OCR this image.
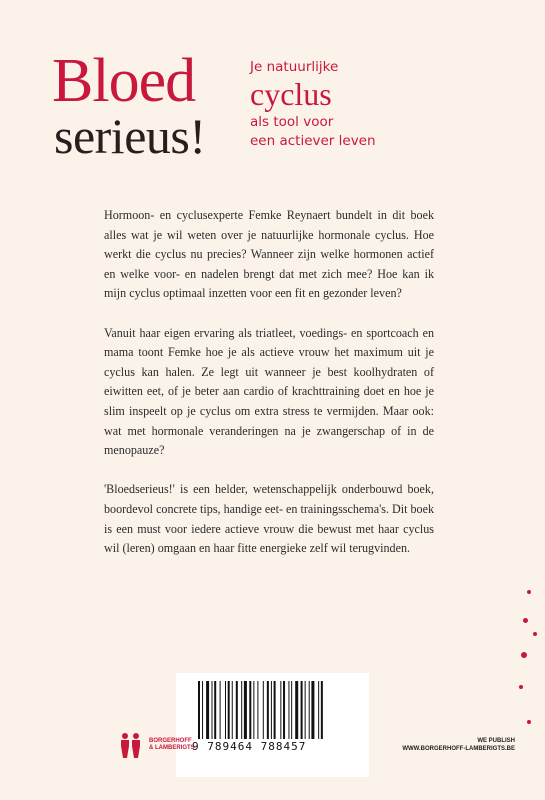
Bloed
serieus!
Je natuurlijke
cyclus
als tool voor
een actiever leven

Hormoon- en cyclusexperte Femke Reynaert bundelt in dit boek alles wat je wil weten over je natuurlijke hormonale cyclus. Hoe werkt die cyclus nu precies? Wanneer zijn welke hormonen actief en welke voor- en nadelen brengt dat met zich mee? Hoe kan ik mijn cyclus optimaal inzetten voor een fit en gezonder leven?

Vanuit haar eigen ervaring als triatleet, voedings- en sportcoach en mama toont Femke hoe je als actieve vrouw het maximum uit je cyclus kan halen. Ze legt uit wanneer je best koolhydraten of eiwitten eet, of je beter aan cardio of krachttraining doet en hoe je slim inspeelt op je cyclus om extra stress te vermijden. Maar ook: wat met hormonale veranderingen na je zwangerschap of in de menopauze?

'Bloedserieus!' is een helder, wetenschappelijk onderbouwd boek, boordevol concrete tips, handige eet- en trainingsschema's. Dit boek is een must voor iedere actieve vrouw die bewust met haar cyclus wil (leren) omgaan en haar fitte energieke zelf wil terugvinden.

9 789464 788457
BORGERHOFF
& LAMBERIGTS
WE PUBLISH
WWW.BORGERHOFF-LAMBERIGTS.BE
